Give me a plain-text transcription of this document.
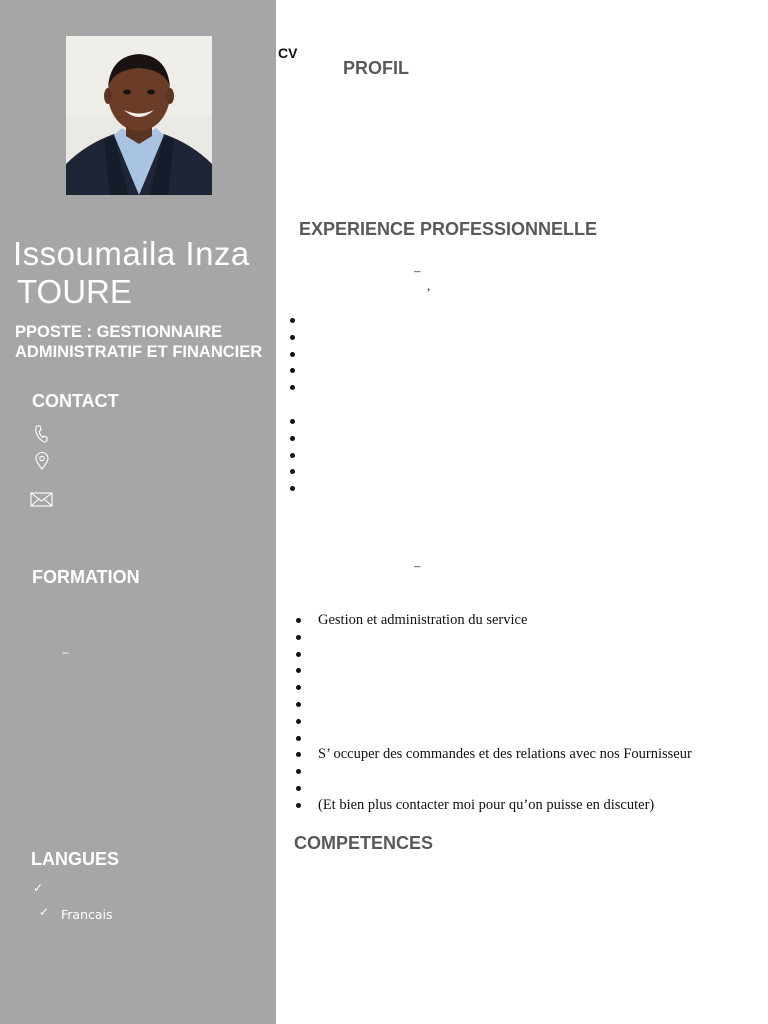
Issoumaila Inza
TOURE
PPOSTE : GESTIONNAIRE ADMINISTRATIF ET FINANCIER
CONTACT
FORMATION
–
LANGUES
✓
✓ Francais
CV
PROFIL
EXPERIENCE PROFESSIONNELLE
–
,
–
Gestion et administration du service
S’ occuper des commandes et des relations avec nos Fournisseur
(Et bien plus contacter moi pour qu’on puisse en discuter)
COMPETENCES
